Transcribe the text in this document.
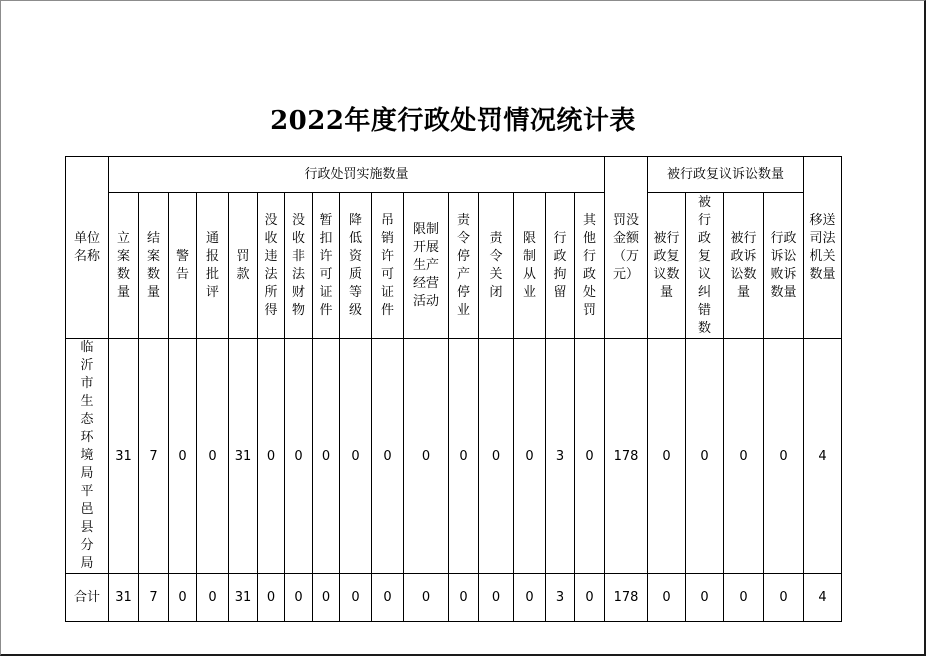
2022年度行政处罚情况统计表
单位名称	行政处罚实施数量																罚没金额（万元）	被行政复议诉讼数量				移送司法机关数量
	立案数量	结案数量	警告	通报批评	罚款	没收违法所得	没收非法财物	暂扣许可证件	降低资质等级	吊销许可证件	限制开展生产经营活动	责令停产停业	责令关闭	限制从业	行政拘留	其他行政处罚		被行政复议数量	被行政复议纠错数	被行政诉讼数量	行政诉讼败诉数量	
临沂市生态环境局平邑县分局	31	7	0	0	31	0	0	0	0	0	0	0	0	0	3	0	178	0	0	0	0	4
合计	31	7	0	0	31	0	0	0	0	0	0	0	0	0	3	0	178	0	0	0	0	4
